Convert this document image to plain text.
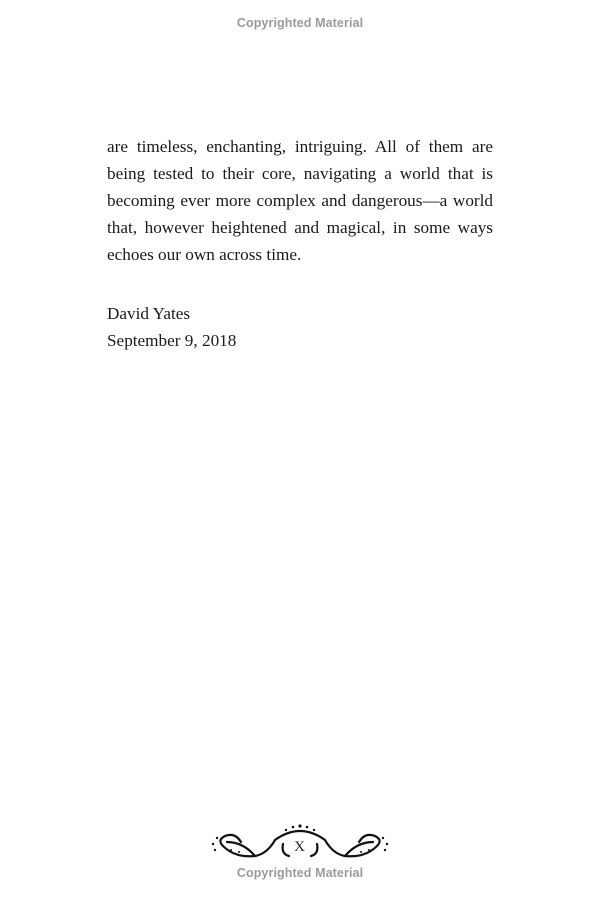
Copyrighted Material

are timeless, enchanting, intriguing. All of them are being tested to their core, navigating a world that is becoming ever more complex and dangerous—a world that, however heightened and magical, in some ways echoes our own across time.

David Yates
September 9, 2018
X
Copyrighted Material
